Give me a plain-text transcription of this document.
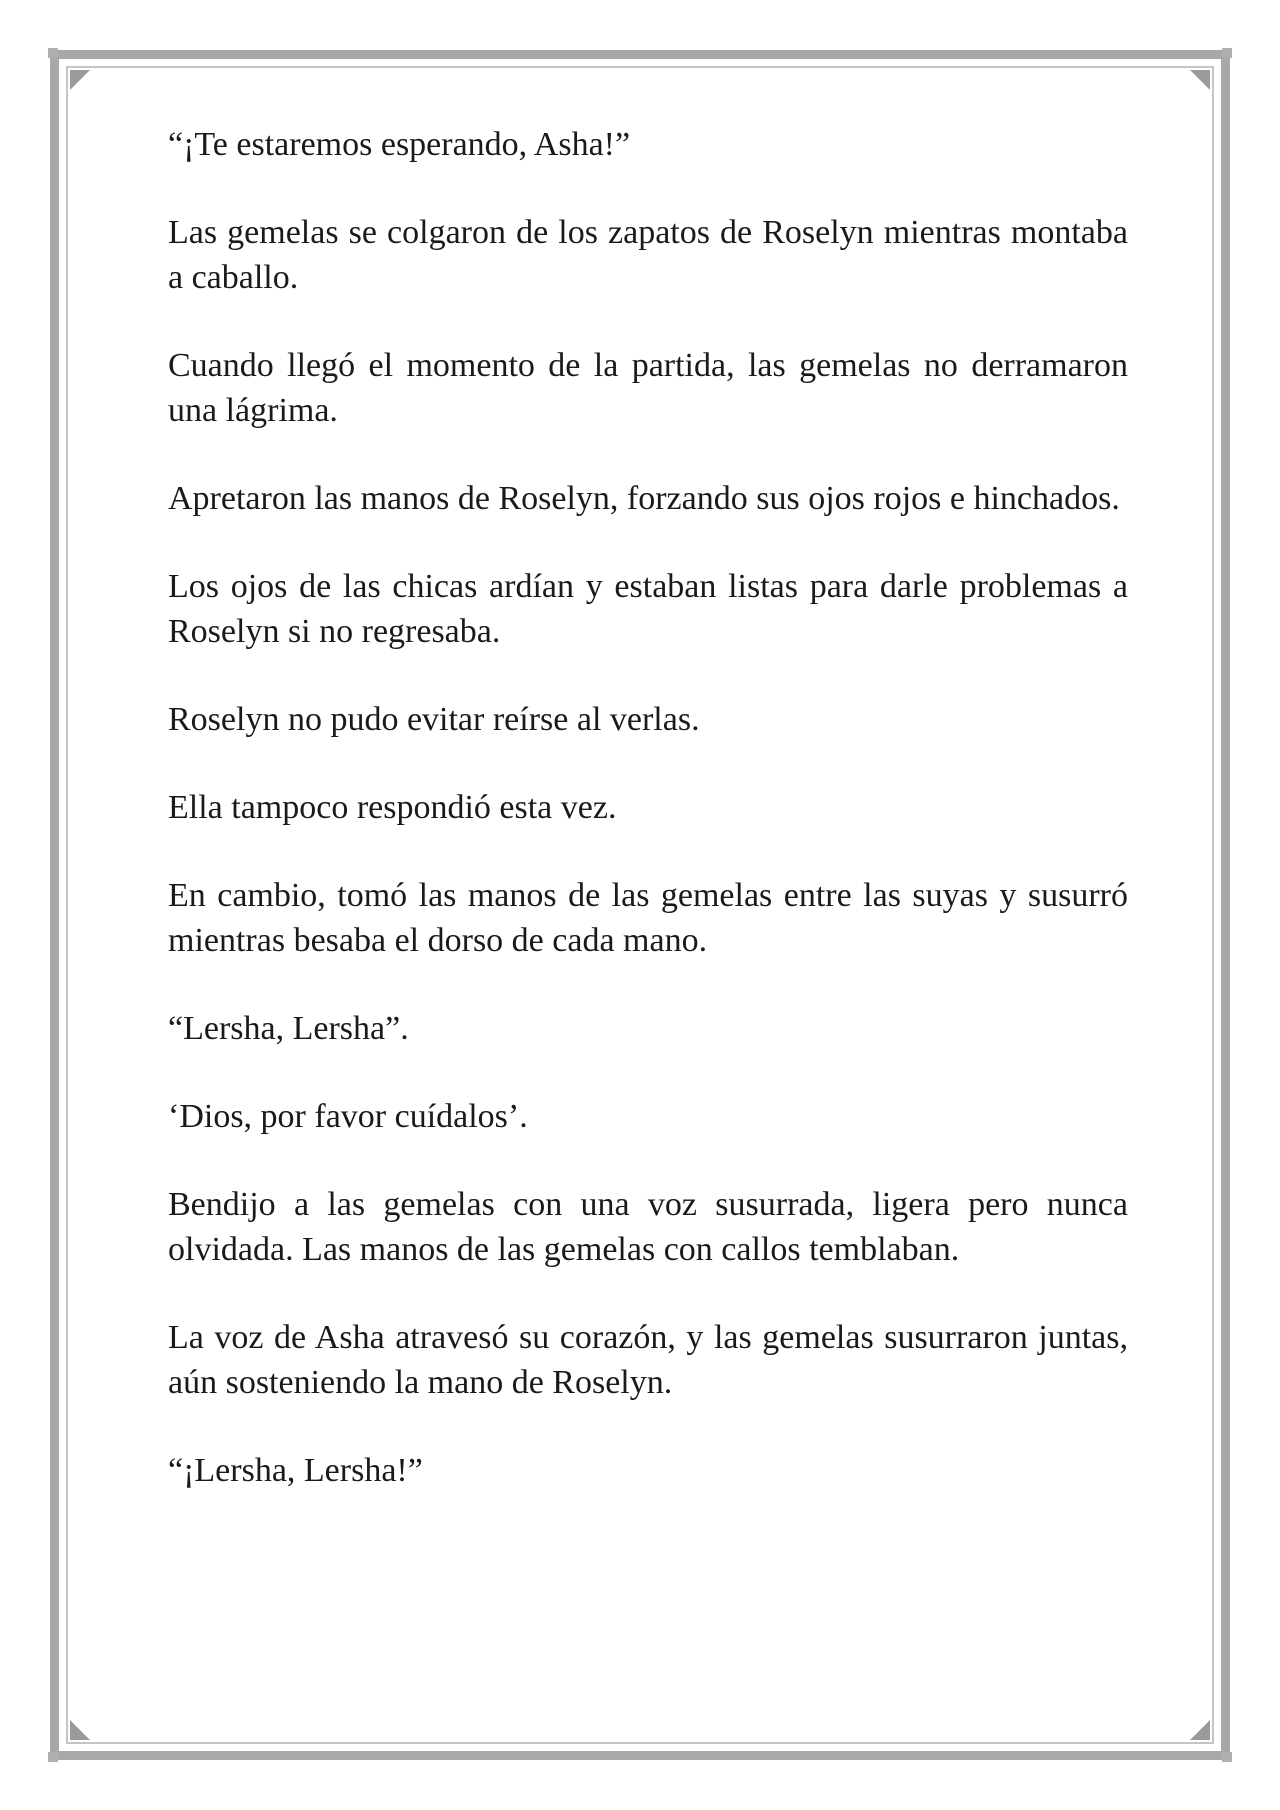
“¡Te estaremos esperando, Asha!”

Las gemelas se colgaron de los zapatos de Roselyn mientras montaba a caballo.

Cuando llegó el momento de la partida, las gemelas no derramaron una lágrima.

Apretaron las manos de Roselyn, forzando sus ojos rojos e hinchados.

Los ojos de las chicas ardían y estaban listas para darle problemas a Roselyn si no regresaba.

Roselyn no pudo evitar reírse al verlas.

Ella tampoco respondió esta vez.

En cambio, tomó las manos de las gemelas entre las suyas y susurró mientras besaba el dorso de cada mano.

“Lersha, Lersha”.

‘Dios, por favor cuídalos’.

Bendijo a las gemelas con una voz susurrada, ligera pero nunca olvidada. Las manos de las gemelas con callos temblaban.

La voz de Asha atravesó su corazón, y las gemelas susurraron juntas, aún sosteniendo la mano de Roselyn.

“¡Lersha, Lersha!”
